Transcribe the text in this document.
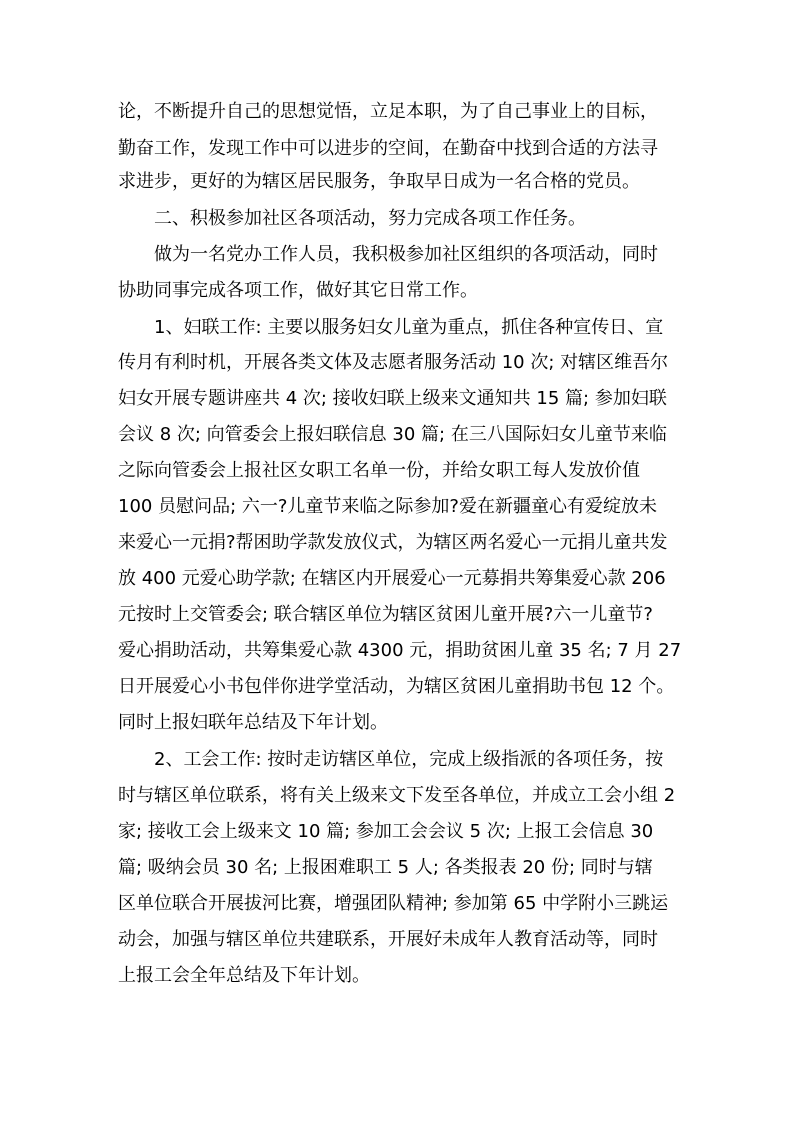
论，不断提升自己的思想觉悟，立足本职，为了自己事业上的目标，
勤奋工作，发现工作中可以进步的空间，在勤奋中找到合适的方法寻
求进步，更好的为辖区居民服务，争取早日成为一名合格的党员。
二、积极参加社区各项活动，努力完成各项工作任务。
做为一名党办工作人员，我积极参加社区组织的各项活动，同时
协助同事完成各项工作，做好其它日常工作。
1、妇联工作: 主要以服务妇女儿童为重点，抓住各种宣传日、宣
传月有利时机，开展各类文体及志愿者服务活动 10 次; 对辖区维吾尔
妇女开展专题讲座共 4 次; 接收妇联上级来文通知共 15 篇; 参加妇联
会议 8 次; 向管委会上报妇联信息 30 篇; 在三八国际妇女儿童节来临
之际向管委会上报社区女职工名单一份，并给女职工每人发放价值
100 员慰问品; 六一?儿童节来临之际参加?爱在新疆童心有爱绽放未
来爱心一元捐?帮困助学款发放仪式，为辖区两名爱心一元捐儿童共发
放 400 元爱心助学款; 在辖区内开展爱心一元募捐共筹集爱心款 206
元按时上交管委会; 联合辖区单位为辖区贫困儿童开展?六一儿童节?
爱心捐助活动，共筹集爱心款 4300 元，捐助贫困儿童 35 名; 7 月 27
日开展爱心小书包伴你进学堂活动，为辖区贫困儿童捐助书包 12 个。
同时上报妇联年总结及下年计划。
2、工会工作: 按时走访辖区单位，完成上级指派的各项任务，按
时与辖区单位联系，将有关上级来文下发至各单位，并成立工会小组 2
家; 接收工会上级来文 10 篇; 参加工会会议 5 次; 上报工会信息 30
篇; 吸纳会员 30 名; 上报困难职工 5 人; 各类报表 20 份; 同时与辖
区单位联合开展拔河比赛，增强团队精神; 参加第 65 中学附小三跳运
动会，加强与辖区单位共建联系，开展好未成年人教育活动等，同时
上报工会全年总结及下年计划。
